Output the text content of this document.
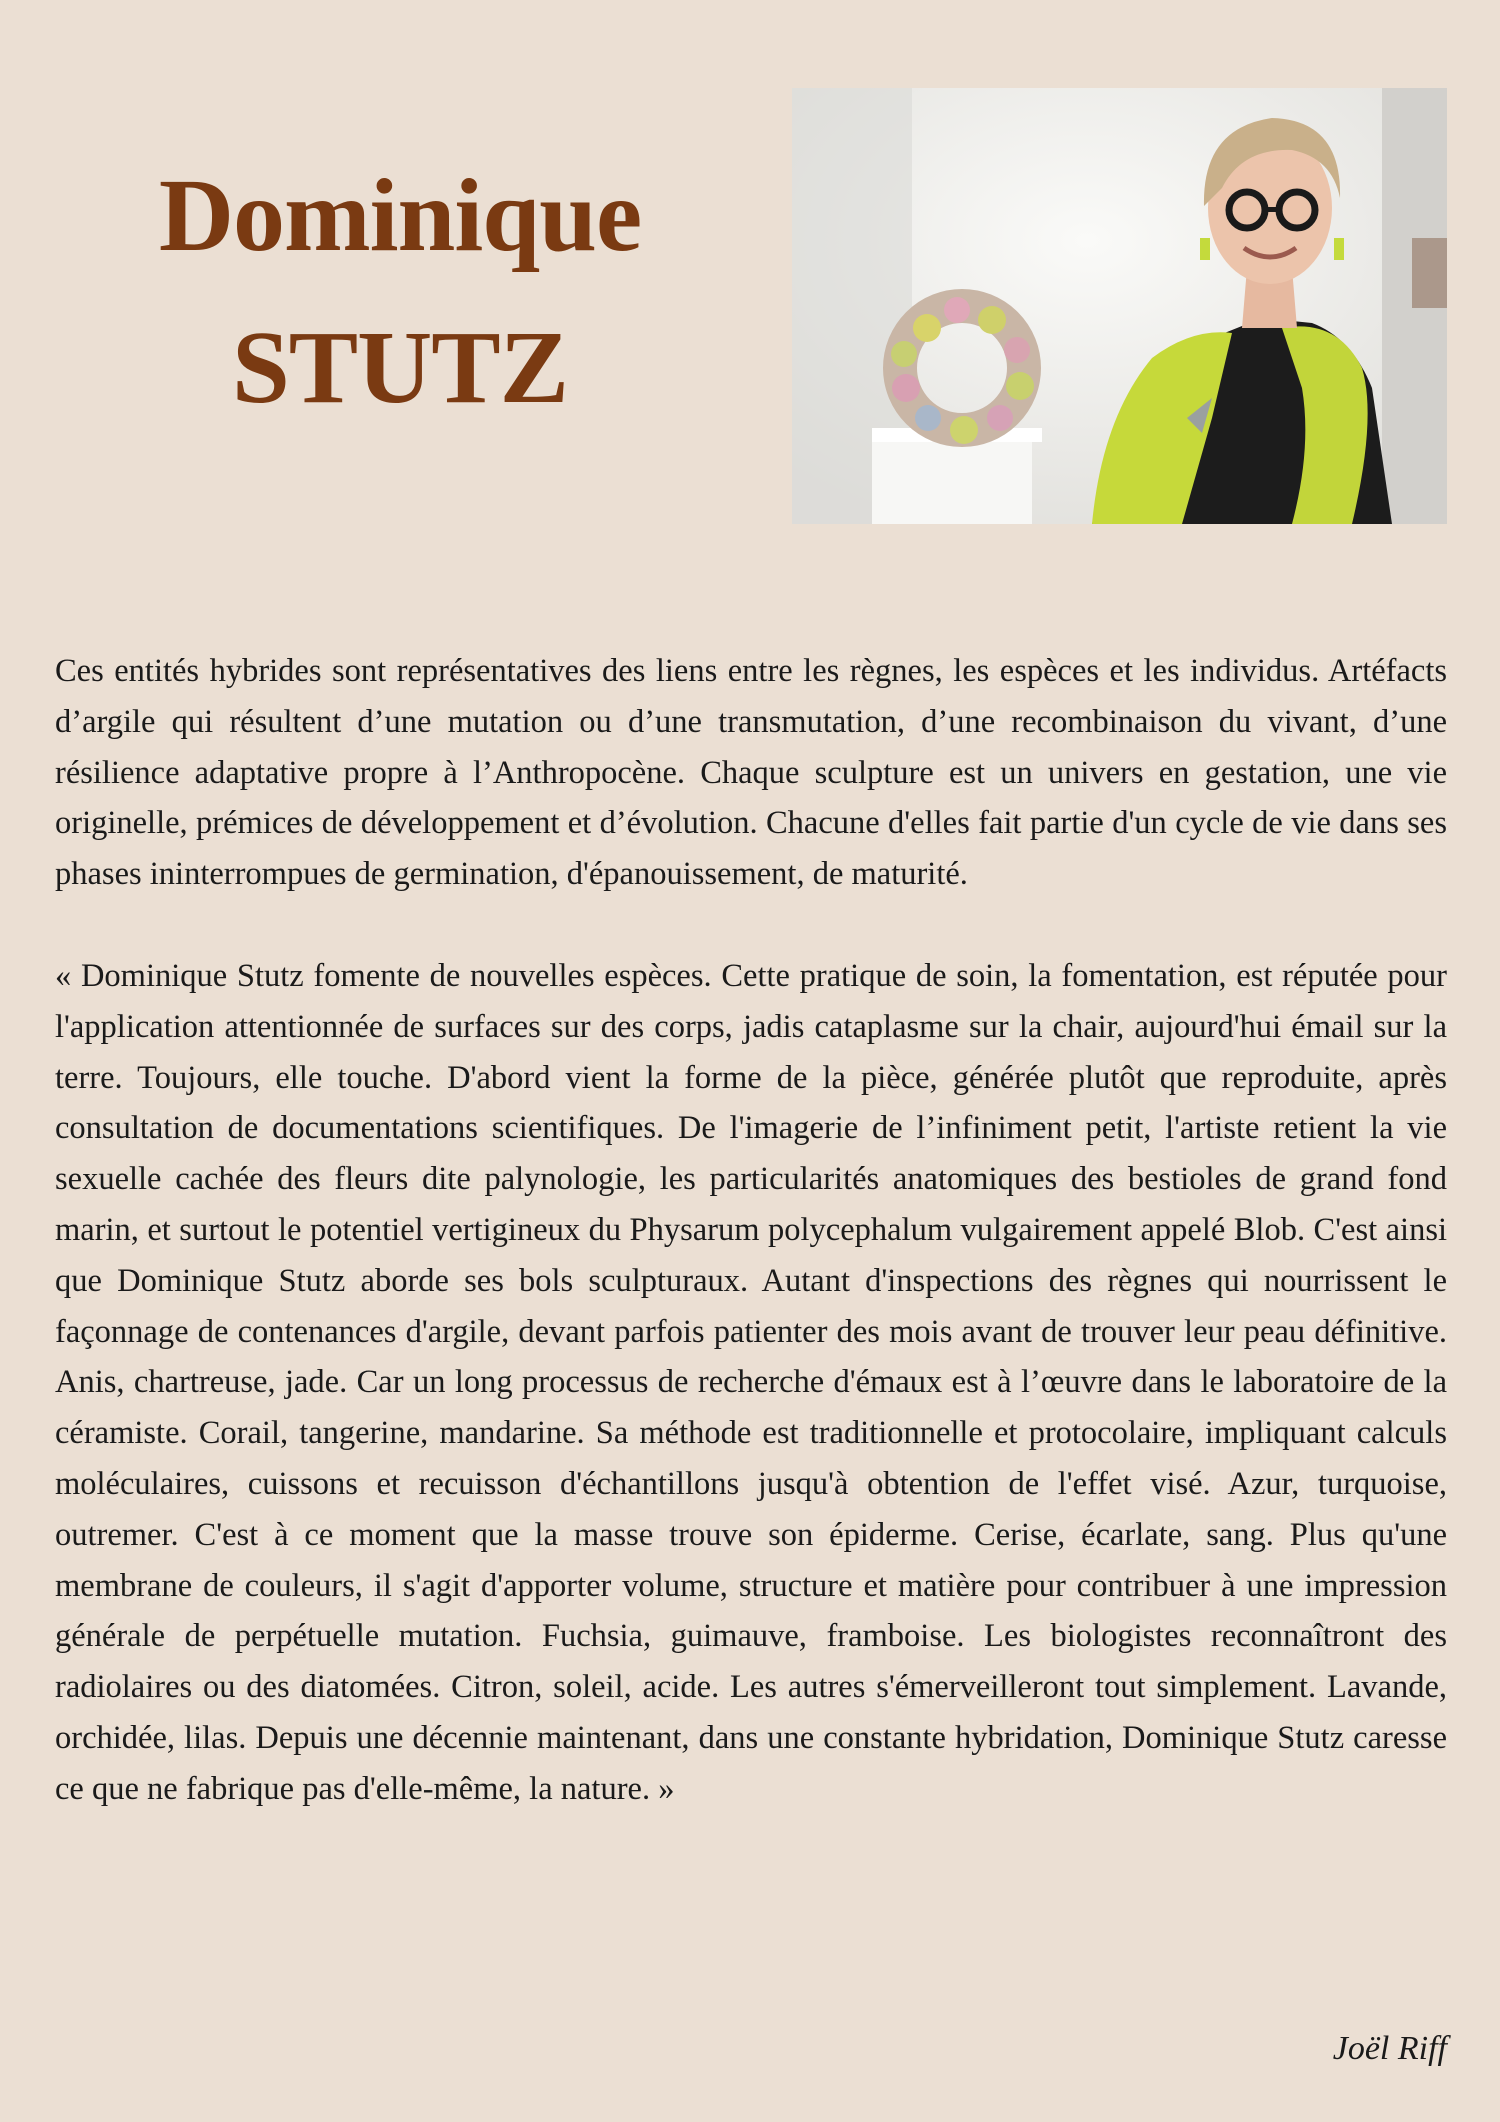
Dominique
STUTZ

Ces entités hybrides sont représentatives des liens entre les règnes, les espèces et les individus. Artéfacts d’argile qui résultent d’une mutation ou d’une transmutation, d’une recombinaison du vivant, d’une résilience adaptative propre à l’Anthropocène. Chaque sculpture est un univers en gestation, une vie originelle, prémices de développement et d’évolution. Chacune d'elles fait partie d'un cycle de vie dans ses phases ininterrompues de germination, d'épanouissement, de maturité.

« Dominique Stutz fomente de nouvelles espèces. Cette pratique de soin, la fomentation, est réputée pour l'application attentionnée de surfaces sur des corps, jadis cataplasme sur la chair, aujourd'hui émail sur la terre. Toujours, elle touche. D'abord vient la forme de la pièce, générée plutôt que reproduite, après consultation de documentations scientifiques. De l'imagerie de l’infiniment petit, l'artiste retient la vie sexuelle cachée des fleurs dite palynologie, les particularités anatomiques des bestioles de grand fond marin, et surtout le potentiel vertigineux du Physarum polycephalum vulgairement appelé Blob. C'est ainsi que Dominique Stutz aborde ses bols sculpturaux. Autant d'inspections des règnes qui nourrissent le façonnage de contenances d'argile, devant parfois patienter des mois avant de trouver leur peau définitive. Anis, chartreuse, jade. Car un long processus de recherche d'émaux est à l’œuvre dans le laboratoire de la céramiste. Corail, tangerine, mandarine. Sa méthode est traditionnelle et protocolaire, impliquant calculs moléculaires, cuissons et recuisson d'échantillons jusqu'à obtention de l'effet visé. Azur, turquoise, outremer. C'est à ce moment que la masse trouve son épiderme. Cerise, écarlate, sang. Plus qu'une membrane de couleurs, il s'agit d'apporter volume, structure et matière pour contribuer à une impression générale de perpétuelle mutation. Fuchsia, guimauve, framboise. Les biologistes reconnaîtront des radiolaires ou des diatomées. Citron, soleil, acide. Les autres s'émerveilleront tout simplement. Lavande, orchidée, lilas. Depuis une décennie maintenant, dans une constante hybridation, Dominique Stutz caresse ce que ne fabrique pas d'elle-même, la nature. »

Joël Riff
